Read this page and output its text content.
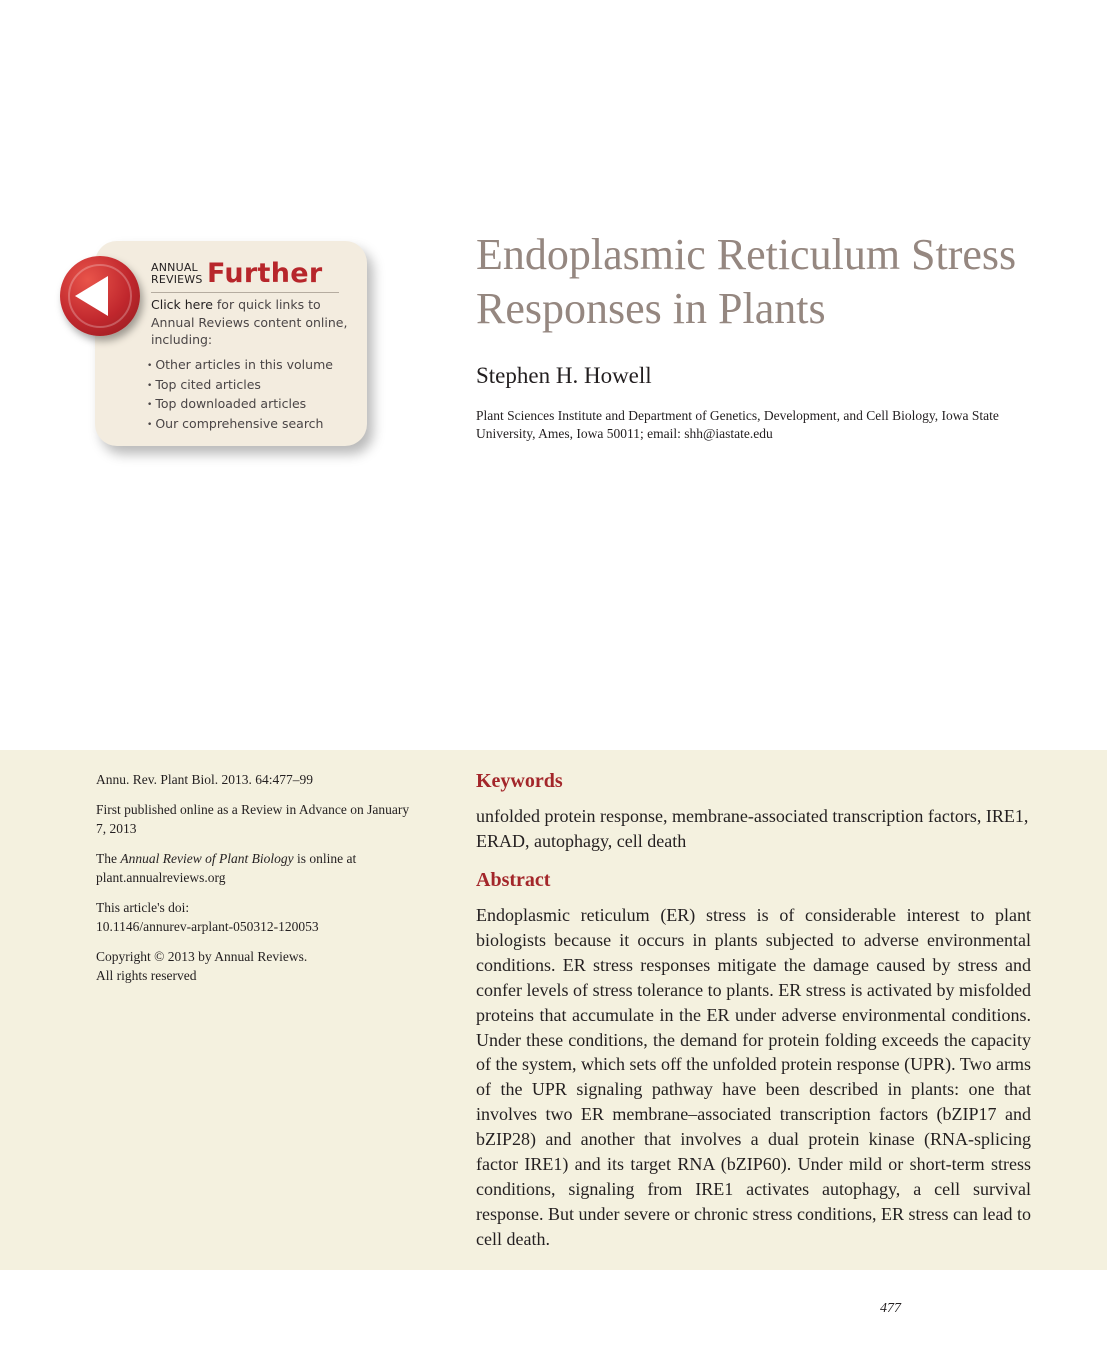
ANNUAL
REVIEWS Further
Click here for quick links to Annual Reviews content online, including:
• Other articles in this volume
• Top cited articles
• Top downloaded articles
• Our comprehensive search
Endoplasmic Reticulum Stress Responses in Plants
Stephen H. Howell

Plant Sciences Institute and Department of Genetics, Development, and Cell Biology, Iowa State University, Ames, Iowa 50011; email: shh@iastate.edu

Annu. Rev. Plant Biol. 2013. 64:477–99

First published online as a Review in Advance on January 7, 2013

The Annual Review of Plant Biology is online at plant.annualreviews.org

This article's doi:
10.1146/annurev-arplant-050312-120053

Copyright © 2013 by Annual Reviews.
All rights reserved

Keywords

unfolded protein response, membrane-associated transcription factors, IRE1, ERAD, autophagy, cell death

Abstract

Endoplasmic reticulum (ER) stress is of considerable interest to plant biologists because it occurs in plants subjected to adverse environmental conditions. ER stress responses mitigate the damage caused by stress and confer levels of stress tolerance to plants. ER stress is activated by misfolded proteins that accumulate in the ER under adverse environmental conditions. Under these conditions, the demand for protein folding exceeds the capacity of the system, which sets off the unfolded protein response (UPR). Two arms of the UPR signaling pathway have been described in plants: one that involves two ER membrane–associated transcription factors (bZIP17 and bZIP28) and another that involves a dual protein kinase (RNA-splicing factor IRE1) and its target RNA (bZIP60). Under mild or short-term stress conditions, signaling from IRE1 activates autophagy, a cell survival response. But under severe or chronic stress conditions, ER stress can lead to cell death.

477
